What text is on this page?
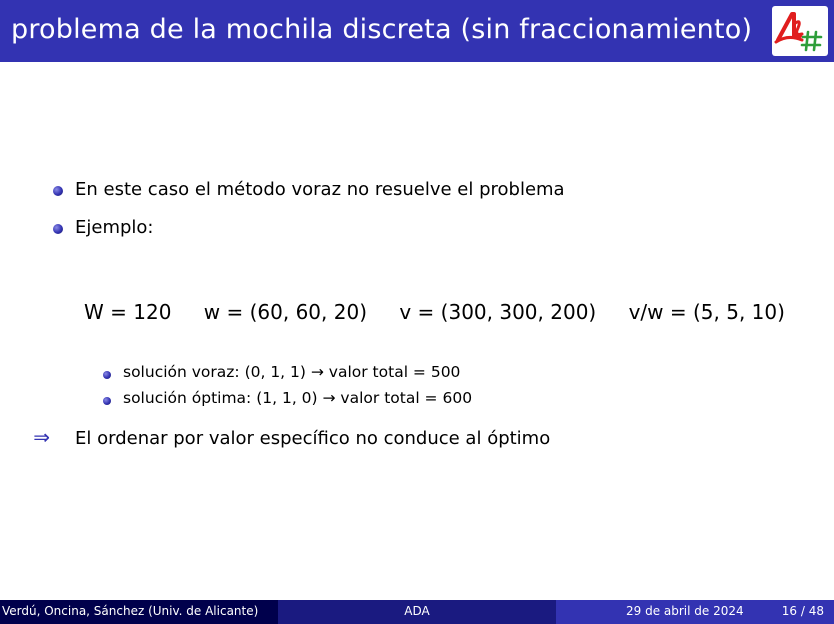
problema de la mochila discreta (sin fraccionamiento)
En este caso el método voraz no resuelve el problema
Ejemplo:
W = 120 w = (60, 60, 20) v = (300, 300, 200) v/w = (5, 5, 10)
solución voraz: (0, 1, 1) → valor total = 500
solución óptima: (1, 1, 0) → valor total = 600
⇒ El ordenar por valor específico no conduce al óptimo
Verdú, Oncina, Sánchez (Univ. de Alicante)	ADA	29 de abril de 2024	16 / 48
